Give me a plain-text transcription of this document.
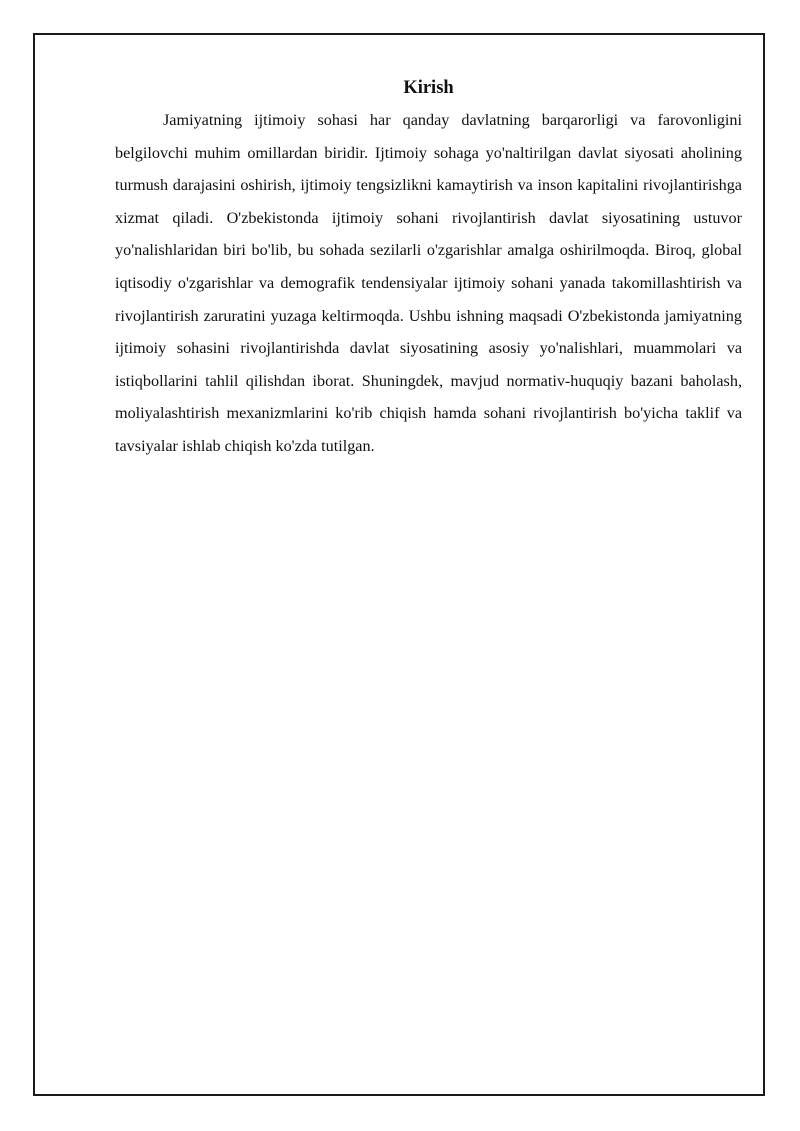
Kirish

Jamiyatning ijtimoiy sohasi har qanday davlatning barqarorligi va farovonligini belgilovchi muhim omillardan biridir. Ijtimoiy sohaga yo'naltirilgan davlat siyosati aholining turmush darajasini oshirish, ijtimoiy tengsizlikni kamaytirish va inson kapitalini rivojlantirishga xizmat qiladi. O'zbekistonda ijtimoiy sohani rivojlantirish davlat siyosatining ustuvor yo'nalishlaridan biri bo'lib, bu sohada sezilarli o'zgarishlar amalga oshirilmoqda. Biroq, global iqtisodiy o'zgarishlar va demografik tendensiyalar ijtimoiy sohani yanada takomillashtirish va rivojlantirish zaruratini yuzaga keltirmoqda. Ushbu ishning maqsadi O'zbekistonda jamiyatning ijtimoiy sohasini rivojlantirishda davlat siyosatining asosiy yo'nalishlari, muammolari va istiqbollarini tahlil qilishdan iborat. Shuningdek, mavjud normativ-huquqiy bazani baholash, moliyalashtirish mexanizmlarini ko'rib chiqish hamda sohani rivojlantirish bo'yicha taklif va tavsiyalar ishlab chiqish ko'zda tutilgan.
